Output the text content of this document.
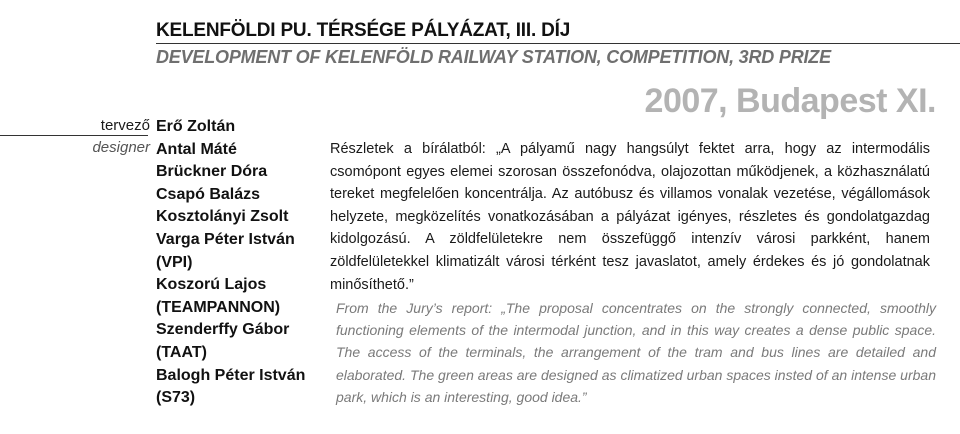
KELENFÖLDI PU. TÉRSÉGE PÁLYÁZAT, III. DÍJ
DEVELOPMENT OF KELENFÖLD RAILWAY STATION, COMPETITION, 3RD PRIZE
2007, Budapest XI.
tervező
designer
Erő Zoltán
Antal Máté
Brückner Dóra
Csapó Balázs
Kosztolányi Zsolt
Varga Péter István
(VPI)
Koszorú Lajos
(TEAMPANNON)
Szenderffy Gábor
(TAAT)
Balogh Péter István
(S73)

Részletek a bírálatból: „A pályamű nagy hangsúlyt fektet arra, hogy az intermodális csomópont egyes elemei szorosan összefonódva, olajozottan működjenek, a közhasználatú tereket megfelelően koncentrálja. Az autóbusz és villamos vonalak vezetése, végállomások helyzete, megközelítés vonatkozásában a pályázat igényes, részletes és gondolatgazdag kidolgozású. A zöldfelületekre nem összefüggő intenzív városi parkként, hanem zöldfelületekkel klimatizált városi térként tesz javaslatot, amely érdekes és jó gondolatnak minősíthető.”

From the Jury’s report: „The proposal concentrates on the strongly connected, smoothly functioning elements of the intermodal junction, and in this way creates a dense public space. The access of the terminals, the arrangement of the tram and bus lines are detailed and elaborated. The green areas are designed as climatized urban spaces insted of an intense urban park, which is an interesting, good idea.”
